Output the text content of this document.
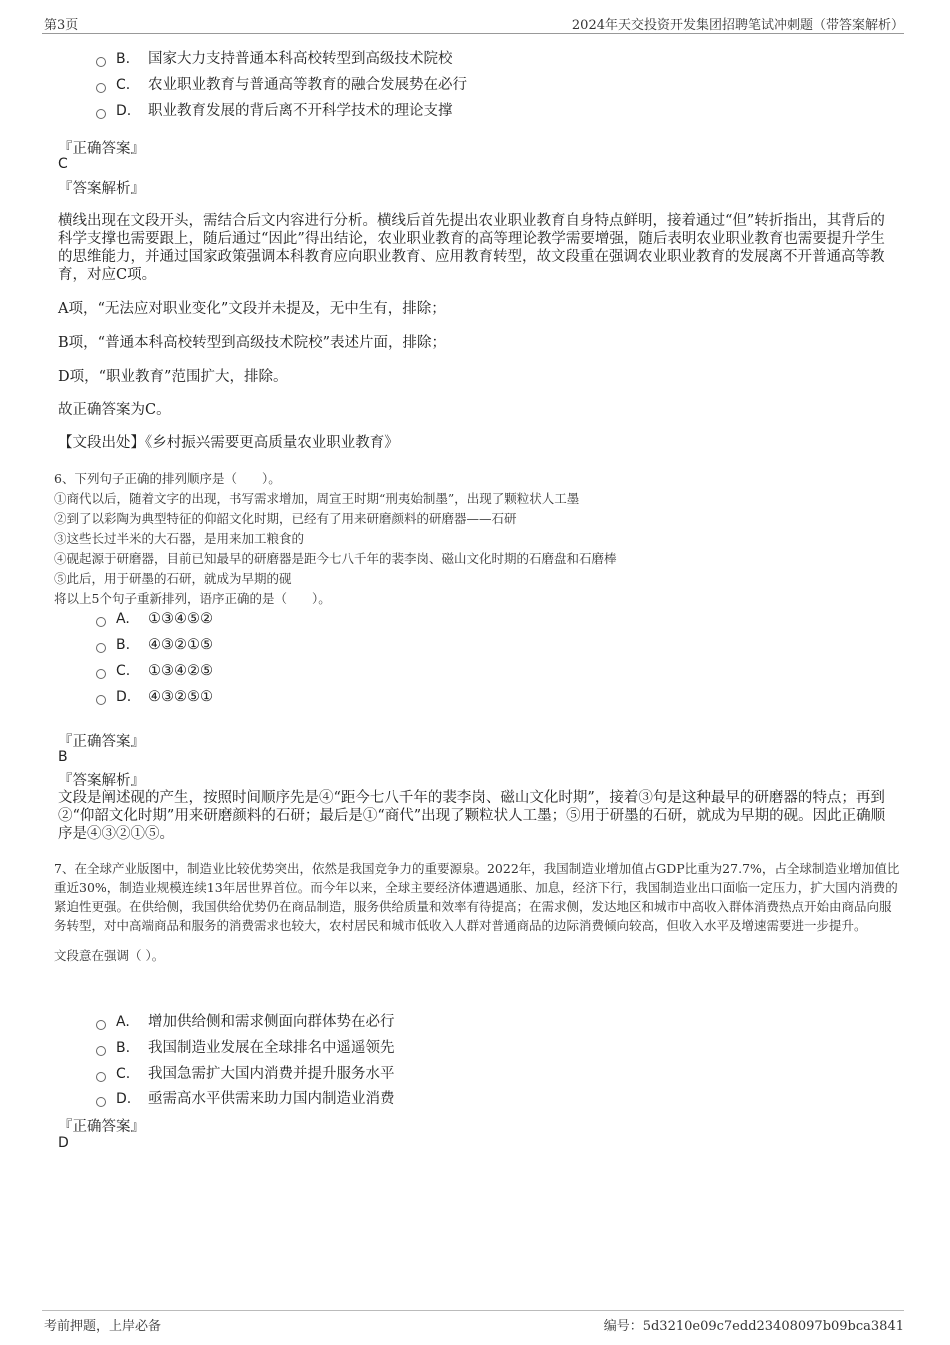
第3页	2024年天交投资开发集团招聘笔试冲刺题（带答案解析）
B. 国家大力支持普通本科高校转型到高级技术院校
C. 农业职业教育与普通高等教育的融合发展势在必行
D. 职业教育发展的背后离不开科学技术的理论支撑
『正确答案』
C
『答案解析』
横线出现在文段开头，需结合后文内容进行分析。横线后首先提出农业职业教育自身特点鲜明，接着通过“但”转折指出，其背后的科学支撑也需要跟上，随后通过“因此”得出结论，农业职业教育的高等理论教学需要增强，随后表明农业职业教育也需要提升学生的思维能力，并通过国家政策强调本科教育应向职业教育、应用教育转型，故文段重在强调农业职业教育的发展离不开普通高等教育，对应C项。
A项，“无法应对职业变化”文段并未提及，无中生有，排除；
B项，“普通本科高校转型到高级技术院校”表述片面，排除；
D项，“职业教育”范围扩大，排除。
故正确答案为C。
【文段出处】《乡村振兴需要更高质量农业职业教育》
6、下列句子正确的排列顺序是（　　）。
①商代以后，随着文字的出现，书写需求增加，周宣王时期“刑夷始制墨”，出现了颗粒状人工墨
②到了以彩陶为典型特征的仰韶文化时期，已经有了用来研磨颜料的研磨器——石研
③这些长过半米的大石器，是用来加工粮食的
④砚起源于研磨器，目前已知最早的研磨器是距今七八千年的裴李岗、磁山文化时期的石磨盘和石磨棒
⑤此后，用于研墨的石研，就成为早期的砚
将以上5个句子重新排列，语序正确的是（　　）。
A. ①③④⑤②
B. ④③②①⑤
C. ①③④②⑤
D. ④③②⑤①
『正确答案』
B
『答案解析』
文段是阐述砚的产生，按照时间顺序先是④“距今七八千年的裴李岗、磁山文化时期”，接着③句是这种最早的研磨器的特点；再到②“仰韶文化时期”用来研磨颜料的石研；最后是①“商代”出现了颗粒状人工墨；⑤用于研墨的石研，就成为早期的砚。因此正确顺序是④③②①⑤。
7、在全球产业版图中，制造业比较优势突出，依然是我国竞争力的重要源泉。2022年，我国制造业增加值占GDP比重为27.7%，占全球制造业增加值比重近30%，制造业规模连续13年居世界首位。而今年以来，全球主要经济体遭遇通胀、加息，经济下行，我国制造业出口面临一定压力，扩大国内消费的紧迫性更强。在供给侧，我国供给优势仍在商品制造，服务供给质量和效率有待提高；在需求侧，发达地区和城市中高收入群体消费热点开始由商品向服务转型，对中高端商品和服务的消费需求也较大，农村居民和城市低收入人群对普通商品的边际消费倾向较高，但收入水平及增速需要进一步提升。
文段意在强调（ ）。
A. 增加供给侧和需求侧面向群体势在必行
B. 我国制造业发展在全球排名中遥遥领先
C. 我国急需扩大国内消费并提升服务水平
D. 亟需高水平供需来助力国内制造业消费
『正确答案』
D
考前押题，上岸必备	编号：5d3210e09c7edd23408097b09bca3841
